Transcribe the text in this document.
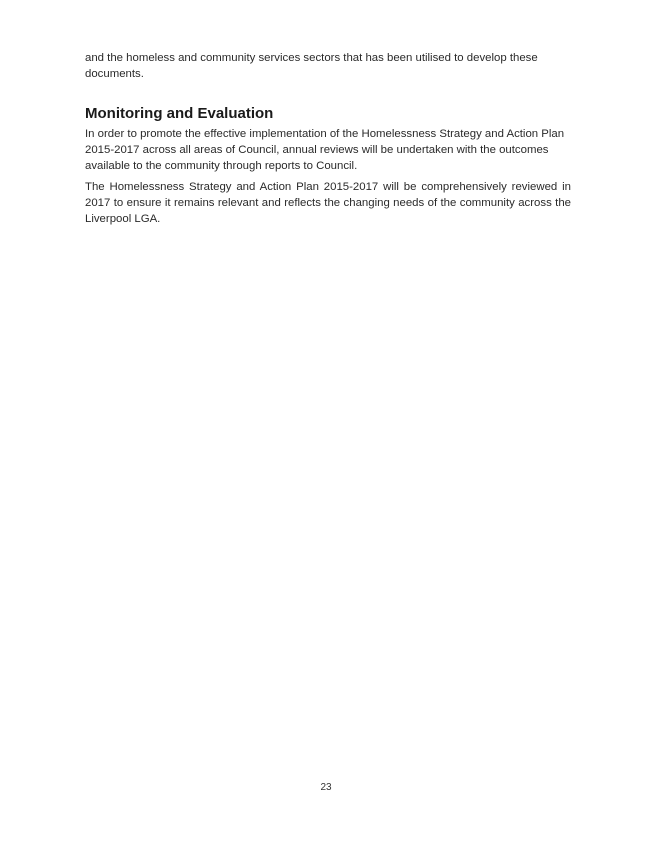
and the homeless and community services sectors that has been utilised to develop these documents.

Monitoring and Evaluation

In order to promote the effective implementation of the Homelessness Strategy and Action Plan 2015-2017 across all areas of Council, annual reviews will be undertaken with the outcomes available to the community through reports to Council.

The Homelessness Strategy and Action Plan 2015-2017 will be comprehensively reviewed in 2017 to ensure it remains relevant and reflects the changing needs of the community across the Liverpool LGA.

23
